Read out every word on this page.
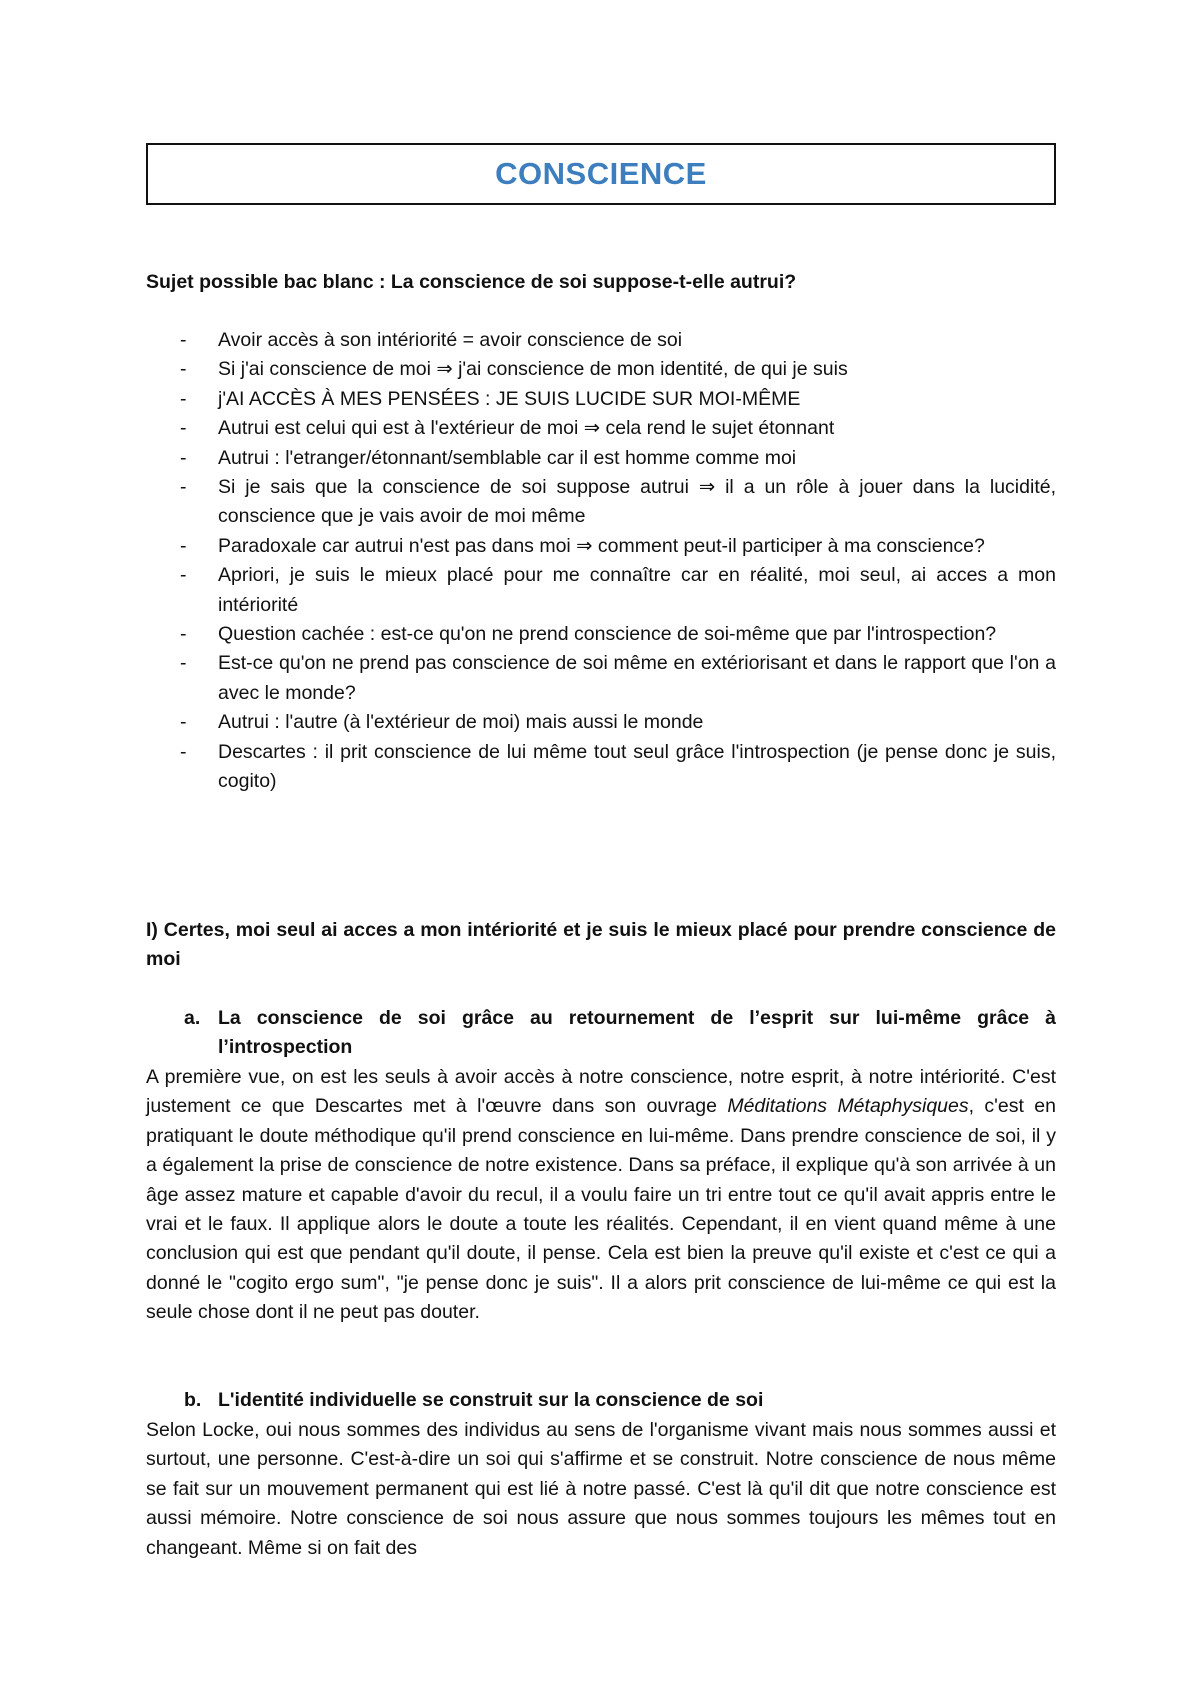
CONSCIENCE
Sujet possible bac blanc : La conscience de soi suppose-t-elle autrui?
- Avoir accès à son intériorité = avoir conscience de soi
- Si j'ai conscience de moi ⇒ j'ai conscience de mon identité, de qui je suis
- j'AI ACCÈS À MES PENSÉES : JE SUIS LUCIDE SUR MOI-MÊME
- Autrui est celui qui est à l'extérieur de moi ⇒ cela rend le sujet étonnant
- Autrui : l'etranger/étonnant/semblable car il est homme comme moi
- Si je sais que la conscience de soi suppose autrui ⇒ il a un rôle à jouer dans la lucidité, conscience que je vais avoir de moi même
- Paradoxale car autrui n'est pas dans moi ⇒ comment peut-il participer à ma conscience?
- Apriori, je suis le mieux placé pour me connaître car en réalité, moi seul, ai acces a mon intériorité
- Question cachée : est-ce qu'on ne prend conscience de soi-même que par l'introspection?
- Est-ce qu'on ne prend pas conscience de soi même en extériorisant et dans le rapport que l'on a avec le monde?
- Autrui : l'autre (à l'extérieur de moi) mais aussi le monde
- Descartes : il prit conscience de lui même tout seul grâce l'introspection (je pense donc je suis, cogito)
I) Certes, moi seul ai acces a mon intériorité et je suis le mieux placé pour prendre conscience de moi
a. La conscience de soi grâce au retournement de l’esprit sur lui-même grâce à l’introspection

A première vue, on est les seuls à avoir accès à notre conscience, notre esprit, à notre intériorité. C'est justement ce que Descartes met à l'œuvre dans son ouvrage Méditations Métaphysiques, c'est en pratiquant le doute méthodique qu'il prend conscience en lui-même. Dans prendre conscience de soi, il y a également la prise de conscience de notre existence. Dans sa préface, il explique qu'à son arrivée à un âge assez mature et capable d'avoir du recul, il a voulu faire un tri entre tout ce qu'il avait appris entre le vrai et le faux. Il applique alors le doute a toute les réalités. Cependant, il en vient quand même à une conclusion qui est que pendant qu'il doute, il pense. Cela est bien la preuve qu'il existe et c'est ce qui a donné le "cogito ergo sum", "je pense donc je suis". Il a alors prit conscience de lui-même ce qui est la seule chose dont il ne peut pas douter.

b. L'identité individuelle se construit sur la conscience de soi

Selon Locke, oui nous sommes des individus au sens de l'organisme vivant mais nous sommes aussi et surtout, une personne. C'est-à-dire un soi qui s'affirme et se construit. Notre conscience de nous même se fait sur un mouvement permanent qui est lié à notre passé. C'est là qu'il dit que notre conscience est aussi mémoire. Notre conscience de soi nous assure que nous sommes toujours les mêmes tout en changeant. Même si on fait des
